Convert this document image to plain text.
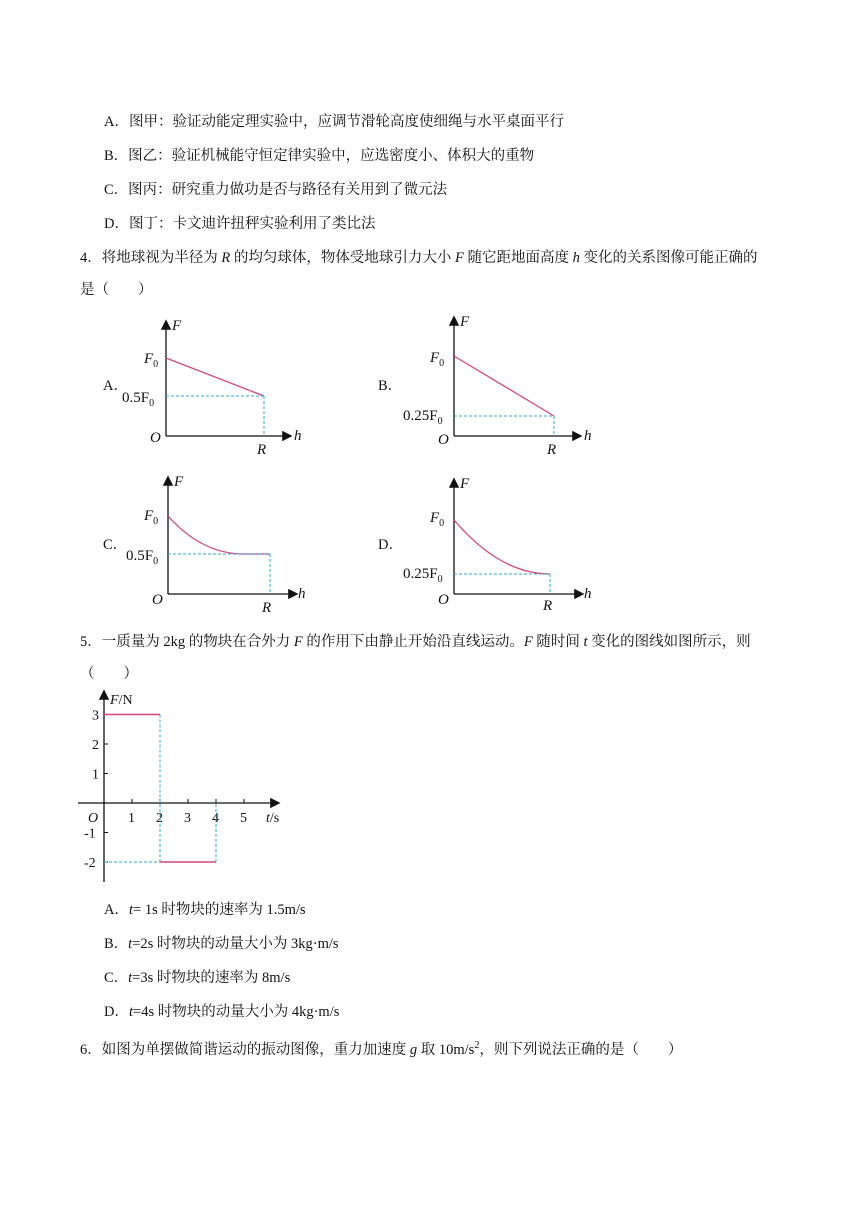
A．图甲：验证动能定理实验中，应调节滑轮高度使细绳与水平桌面平行
B．图乙：验证机械能守恒定律实验中，应选密度小、体积大的重物
C．图丙：研究重力做功是否与路径有关用到了微元法
D．图丁：卡文迪许扭秤实验利用了类比法
4．将地球视为半径为 R 的均匀球体，物体受地球引力大小 F 随它距地面高度 h 变化的关系图像可能正确的
是（　　）
A．	B．
C．	D．
F
h
O
R
$F_0$
$0.5F_0$
F
h
O
R
$F_0$
$0.25F_0$
F
h
O	R
$F_0$
$0.5F_0$
F
h
O	R
$F_0$
$0.25F_0$
5．一质量为 2kg 的物块在合外力 F 的作用下由静止开始沿直线运动。F 随时间 t 变化的图线如图所示，则
（　　）
1 2 3 4 5
3
2
1
-1
-2
F/N
t/s
O
A．t= 1s 时物块的速率为 1.5m/s
B．t=2s 时物块的动量大小为 3kg·m/s
C．t=3s 时物块的速率为 8m/s
D．t=4s 时物块的动量大小为 4kg·m/s
6．如图为单摆做简谐运动的振动图像，重力加速度 g 取 $10m/s^2$，则下列说法正确的是（　　）
